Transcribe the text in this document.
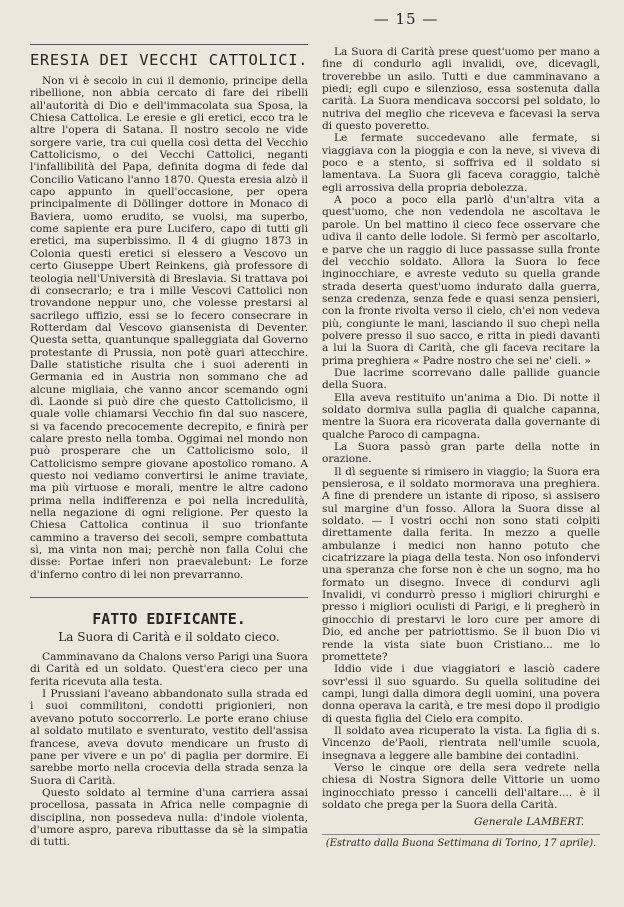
— 15 —
ERESIA DEI VECCHI CATTOLICI.

Non vi è secolo in cui il demonio, principe della ribellione, non abbia cercato di fare dei ribelli all'autorità di Dio e dell'immacolata sua Sposa, la Chiesa Cattolica. Le eresie e gli eretici, ecco tra le altre l'opera di Satana. Il nostro secolo ne vide sorgere varie, tra cui quella così detta del Vecchio Cattolicismo, o dei Vecchi Cattolici, neganti l'infallibilità del Papa, definita dogma di fede dal Concilio Vaticano l'anno 1870. Questa eresia alzò il capo appunto in quell'occasione, per opera principalmente di Döllinger dottore in Monaco di Baviera, uomo erudito, se vuolsi, ma superbo, come sapiente era pure Lucifero, capo di tutti gli eretici, ma superbissimo. Il 4 di giugno 1873 in Colonia questi eretici si elessero a Vescovo un certo Giuseppe Ubert Reinkens, già professore di teologia nell'Università di Breslavia. Si trattava poi di consecrarlo; e tra i mille Vescovi Cattolici non trovandone neppur uno, che volesse prestarsi al sacrilego uffizio, essi se lo fecero consecrare in Rotterdam dal Vescovo giansenista di Deventer. Questa setta, quantunque spalleggiata dal Governo protestante di Prussia, non potè guari attecchire. Dalle statistiche risulta che i suoi aderenti in Germania ed in Austria non sommano che ad alcune migliaia, che vanno ancor scemando ogni dì. Laonde si può dire che questo Cattolicismo, il quale volle chiamarsi Vecchio fin dal suo nascere, si va facendo precocemente decrepito, e finirà per calare presto nella tomba. Oggimai nel mondo non può prosperare che un Cattolicismo solo, il Cattolicismo sempre giovane apostolico romano. A questo noi vediamo convertirsi le anime traviate, ma più virtuose e morali, mentre le altre cadono prima nella indifferenza e poi nella incredulità, nella negazione di ogni religione. Per questo la Chiesa Cattolica continua il suo trionfante cammino a traverso dei secoli, sempre combattuta sì, ma vinta non mai; perchè non falla Colui che disse: Portae inferi non praevalebunt: Le forze d'inferno contro di lei non prevarranno.

FATTO EDIFICANTE.
La Suora di Carità e il soldato cieco.

Camminavano da Chalons verso Parigi una Suora di Carità ed un soldato. Quest'era cieco per una ferita ricevuta alla testa.

I Prussiani l'aveano abbandonato sulla strada ed i suoi commilitoni, condotti prigionieri, non avevano potuto soccorrerlo. Le porte erano chiuse al soldato mutilato e sventurato, vestito dell'assisa francese, aveva dovuto mendicare un frusto di pane per vivere e un po' di paglia per dormire. Ei sarebbe morto nella crocevia della strada senza la Suora di Carità.

Questo soldato al termine d'una carriera assai procellosa, passata in Africa nelle compagnie di disciplina, non possedeva nulla: d'indole violenta, d'umore aspro, pareva ributtasse da sè la simpatia di tutti.

La Suora di Carità prese quest'uomo per mano a fine di condurlo agli invalidi, ove, dicevagli, troverebbe un asilo. Tutti e due camminavano a piedi; egli cupo e silenzioso, essa sostenuta dalla carità. La Suora mendicava soccorsi pel soldato, lo nutriva del meglio che riceveva e facevasi la serva di questo poveretto.

Le fermate succedevano alle fermate, si viaggiava con la pioggia e con la neve, si viveva di poco e a stento, si soffriva ed il soldato si lamentava. La Suora gli faceva coraggio, talchè egli arrossiva della propria debolezza.

A poco a poco ella parlò d'un'altra vita a quest'uomo, che non vedendola ne ascoltava le parole. Un bel mattino il cieco fece osservare che udiva il canto delle lodole. Si fermò per ascoltarlo, e parve che un raggio di luce passasse sulla fronte del vecchio soldato. Allora la Suora lo fece inginocchiare, e avreste veduto su quella grande strada deserta quest'uomo indurato dalla guerra, senza credenza, senza fede e quasi senza pensieri, con la fronte rivolta verso il cielo, ch'ei non vedeva più, congiunte le mani, lasciando il suo chepì nella polvere presso il suo sacco, e ritta in piedi davanti a lui la Suora di Carità, che gli faceva recitare la prima preghiera « Padre nostro che sei ne' cieli. »

Due lacrime scorrevano dalle pallide guancie della Suora.

Ella aveva restituito un'anima a Dio. Di notte il soldato dormiva sulla paglia di qualche capanna, mentre la Suora era ricoverata dalla governante di qualche Paroco di campagna.

La Suora passò gran parte della notte in orazione.

Il dì seguente si rimisero in viaggio; la Suora era pensierosa, e il soldato mormorava una preghiera. A fine di prendere un istante di riposo, si assisero sul margine d'un fosso. Allora la Suora disse al soldato. — I vostri occhi non sono stati colpiti direttamente dalla ferita. In mezzo a quelle ambulanze i medici non hanno potuto che cicatrizzare la piaga della testa. Non oso infondervi una speranza che forse non è che un sogno, ma ho formato un disegno. Invece di condurvi agli Invalidi, vi condurrò presso i migliori chirurghi e presso i migliori oculisti di Parigi, e li pregherò in ginocchio di prestarvi le loro cure per amore di Dio, ed anche per patriottismo. Se il buon Dio vi rende la vista siate buon Cristiano... me lo promettete?

Iddio vide i due viaggiatori e lasciò cadere sovr'essi il suo sguardo. Su quella solitudine dei campi, lungi dalla dimora degli uomini, una povera donna operava la carità, e tre mesi dopo il prodigio di questa figlia del Cielo era compito.

Il soldato avea ricuperato la vista. La figlia di s. Vincenzo de'Paoli, rientrata nell'umile scuola, insegnava a leggere alle bambine dei contadini.

Verso le cinque ore della sera vedrete nella chiesa di Nostra Signora delle Vittorie un uomo inginocchiato presso i cancelli dell'altare.... è il soldato che prega per la Suora della Carità.

Generale LAMBERT.
(Estratto dalla Buona Settimana di Torino, 17 aprile).
